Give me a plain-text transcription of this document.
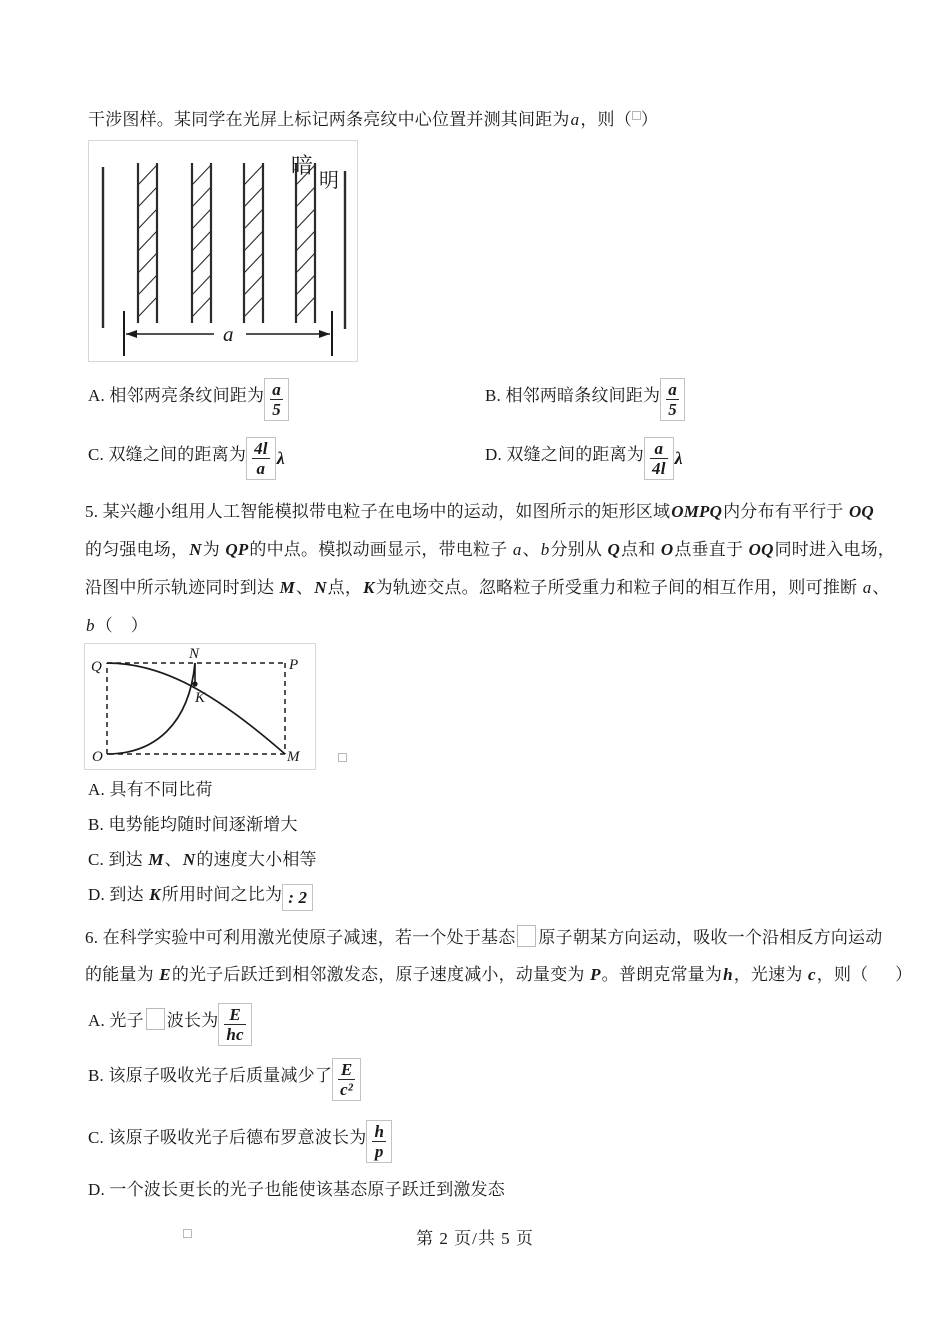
干涉图样。某同学在光屏上标记两条亮纹中心位置并测其间距为a，则（ ）
暗
明
a
A. 相邻两亮条纹间距为 $\frac{a}{5}$	B. 相邻两暗条纹间距为 $\frac{a}{5}$
C. 双缝之间的距离为 $\frac{4l}{a}$ λ	D. 双缝之间的距离为 $\frac{a}{4l}$ λ
5. 某兴趣小组用人工智能模拟带电粒子在电场中的运动，如图所示的矩形区域OMPQ内分布有平行于 OQ
的匀强电场，N为 QP的中点。模拟动画显示，带电粒子 a、b分别从 Q点和 O点垂直于 OQ同时进入电场，
沿图中所示轨迹同时到达 M、N点，K为轨迹交点。忽略粒子所受重力和粒子间的相互作用，则可推断 a、
b（ ）
Q
N
P
K
O	M
A. 具有不同比荷
B. 电势能均随时间逐渐增大
C. 到达 M、N的速度大小相等
D. 到达 K所用时间之比为 : 2
6. 在科学实验中可利用激光使原子减速，若一个处于基态 原子朝某方向运动，吸收一个沿相反方向运动
的能量为 E的光子后跃迁到相邻激发态，原子速度减小，动量变为 P。普朗克常量为h，光速为 c，则（ ）
A. 光子 波长为 $\frac{E}{hc}$
B. 该原子吸收光子后质量减少了 $\frac{E}{\text{c²}}$
C. 该原子吸收光子后德布罗意波长为 $\frac{h}{p}$
D. 一个波长更长的光子也能使该基态原子跃迁到激发态
第 2 页/共 5 页
